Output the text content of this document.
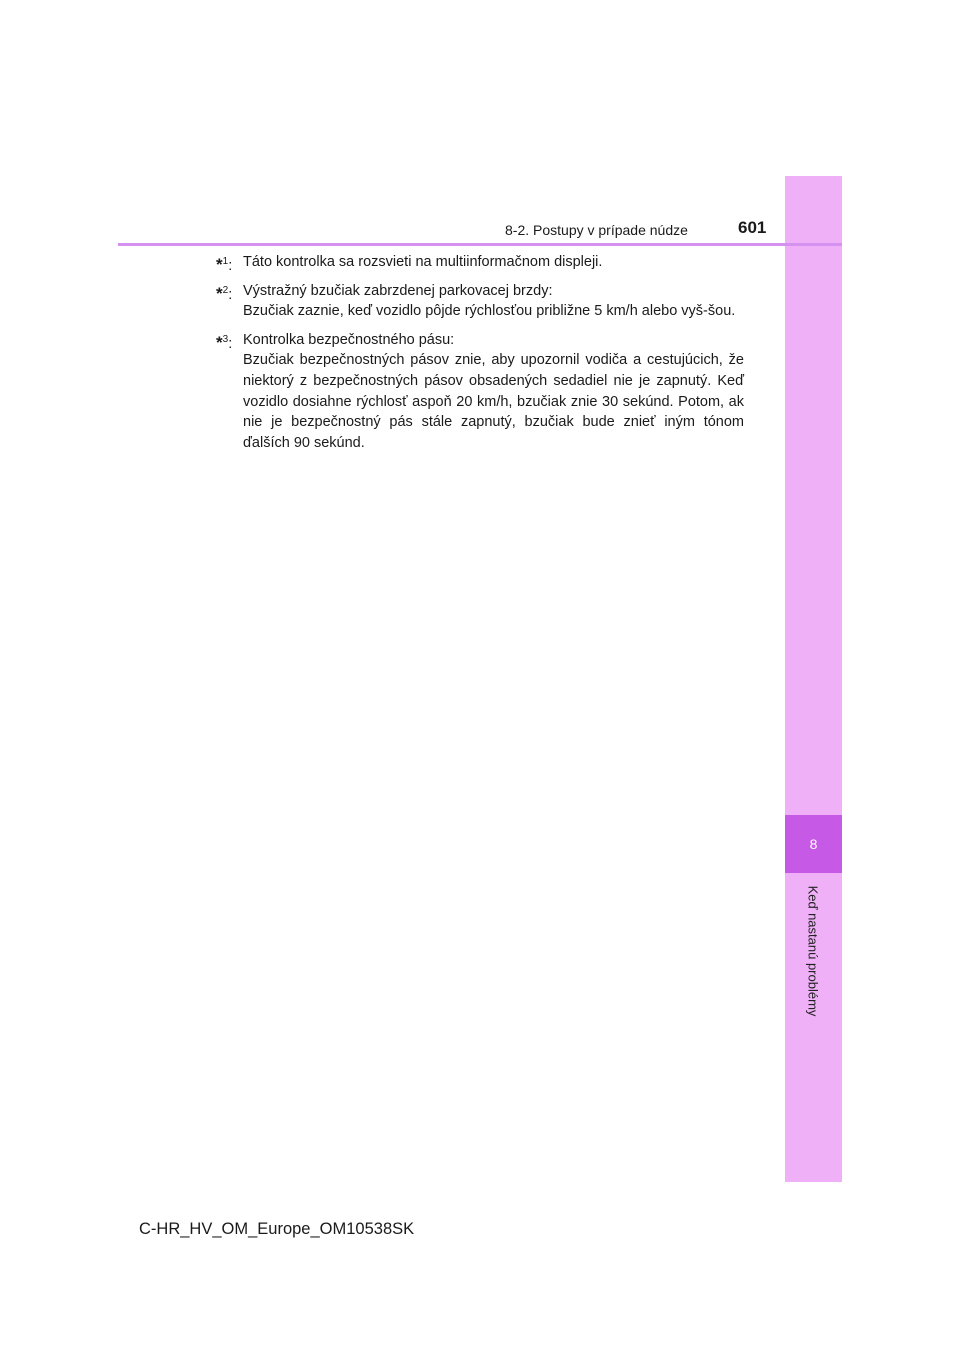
8
Keď nastanú problémy
8-2. Postupy v prípade núdze	601
*$^1$: Táto kontrolka sa rozsvieti na multiinformačnom displeji.
*$^2$: Výstražný bzučiak zabrzdenej parkovacej brzdy:
Bzučiak zaznie, keď vozidlo pôjde rýchlosťou približne 5 km/h alebo vyš-šou.
*$^3$: Kontrolka bezpečnostného pásu:
Bzučiak bezpečnostných pásov znie, aby upozornil vodiča a cestujúcich, že niektorý z bezpečnostných pásov obsadených sedadiel nie je zapnutý. Keď vozidlo dosiahne rýchlosť aspoň 20 km/h, bzučiak znie 30 sekúnd. Potom, ak nie je bezpečnostný pás stále zapnutý, bzučiak bude znieť iným tónom ďalších 90 sekúnd.
C-HR_HV_OM_Europe_OM10538SK
